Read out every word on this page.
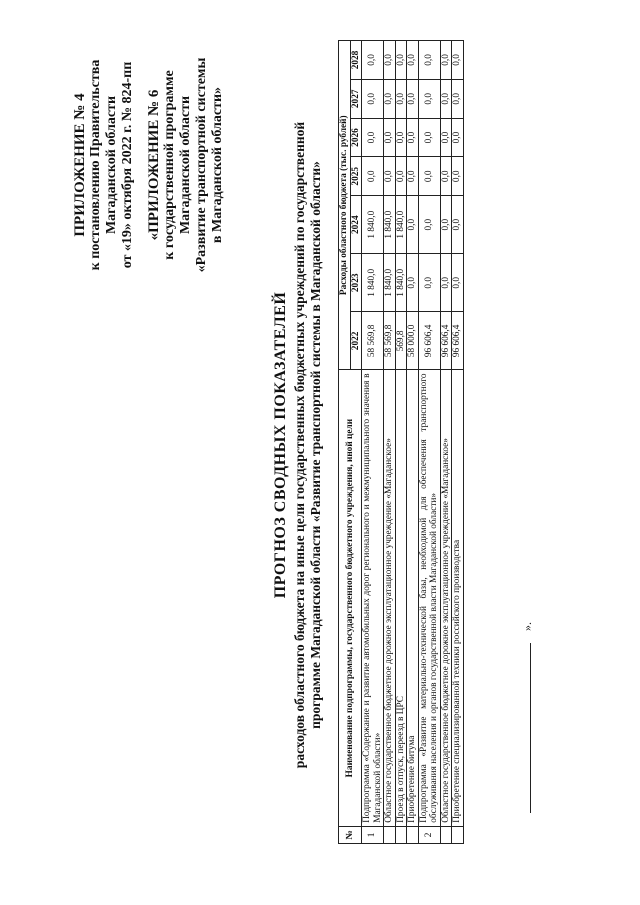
ПРИЛОЖЕНИЕ № 4 к постановлению Правительства Магаданской области от «19» октября 2022 г. № 824-пп «ПРИЛОЖЕНИЕ № 6 к государственной программе Магаданской области «Развитие транспортной системы в Магаданской области»
ПРОГНОЗ СВОДНЫХ ПОКАЗАТЕЛЕЙ расходов областного бюджета на иные цели государственных бюджетных учреждений по государственной программе Магаданской области «Развитие транспортной системы в Магаданской области»
№	Наименование подпрограммы, государственного бюджетного учреждения, иной цели	Расходы областного бюджета (тыс. рублей)						
		2022	2023	2024	2025	2026	2027	2028
1	Подпрограмма «Содержание и развитие автомобильных дорог регионального и межмуниципального значения в Магаданской области»	58 569,8	1 840,0	1 840,0	0,0	0,0	0,0	0,0
	Областное государственное бюджетное дорожное эксплуатационное учреждение «Магаданское»	58 569,8	1 840,0	1 840,0	0,0	0,0	0,0	0,0
	Проезд в отпуск, переезд в ЦРС	569,8	1 840,0	1 840,0	0,0	0,0	0,0	0,0
	Приобретение битума	58 000,0	0,0	0,0	0,0	0,0	0,0	0,0
2	Подпрограмма «Развитие материально-технической базы, необходимой для обеспечения транспортного обслуживания населения и органов государственной власти Магаданской области»	96 606,4	0,0	0,0	0,0	0,0	0,0	0,0
	Областное государственное бюджетное дорожное эксплуатационное учреждение «Магаданское»	96 606,4	0,0	0,0	0,0	0,0	0,0	0,0
	Приобретение специализированной техники российского производства	96 606,4	0,0	0,0	0,0	0,0	0,0	0,0
».
